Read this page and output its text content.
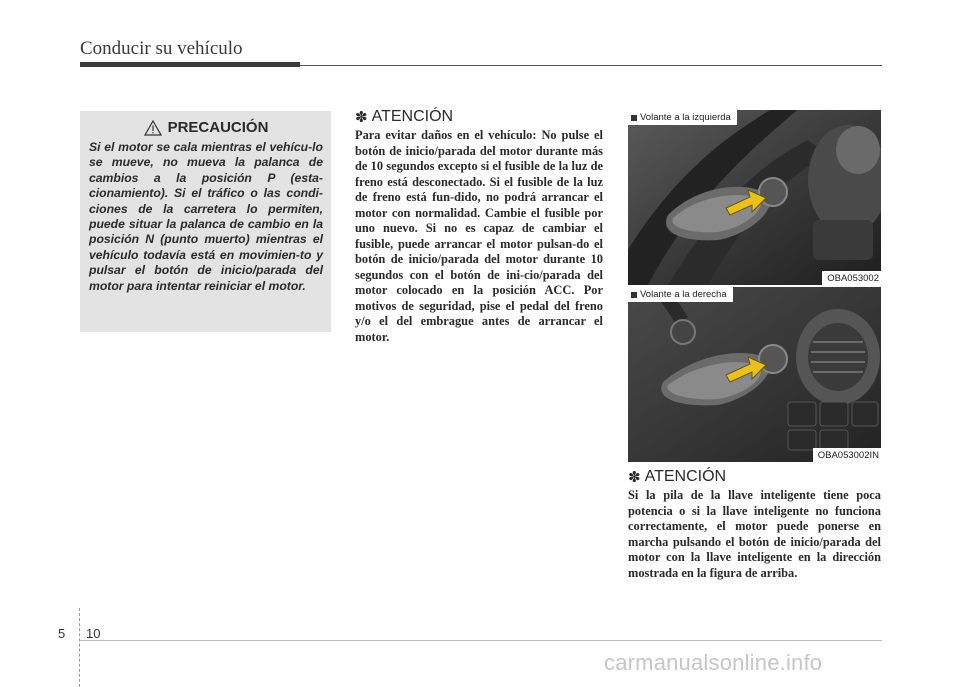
Conducir su vehículo
PRECAUCIÓN

Si el motor se cala mientras el vehícu-lo se mueve, no mueva la palanca de cambios a la posición P (esta-cionamiento). Si el tráfico o las condi-ciones de la carretera lo permiten, puede situar la palanca de cambio en la posición N (punto muerto) mientras el vehículo todavía está en movimien-to y pulsar el botón de inicio/parada del motor para intentar reiniciar el motor.

✽ ATENCIÓN

Para evitar daños en el vehículo: No pulse el botón de inicio/parada del motor durante más de 10 segundos excepto si el fusible de la luz de freno está desconectado. Si el fusible de la luz de freno está fun-dido, no podrá arrancar el motor con normalidad. Cambie el fusible por uno nuevo. Si no es capaz de cambiar el fusible, puede arrancar el motor pulsan-do el botón de inicio/parada del motor durante 10 segundos con el botón de ini-cio/parada del motor colocado en la posición ACC. Por motivos de seguridad, pise el pedal del freno y/o el del embrague antes de arrancar el motor.

Volante a la izquierda
OBA053002
Volante a la derecha
OBA053002IN
✽ ATENCIÓN

Si la pila de la llave inteligente tiene poca potencia o si la llave inteligente no funciona correctamente, el motor puede ponerse en marcha pulsando el botón de inicio/parada del motor con la llave inteligente en la dirección mostrada en la figura de arriba.

5 10
carmanualsonline.info
